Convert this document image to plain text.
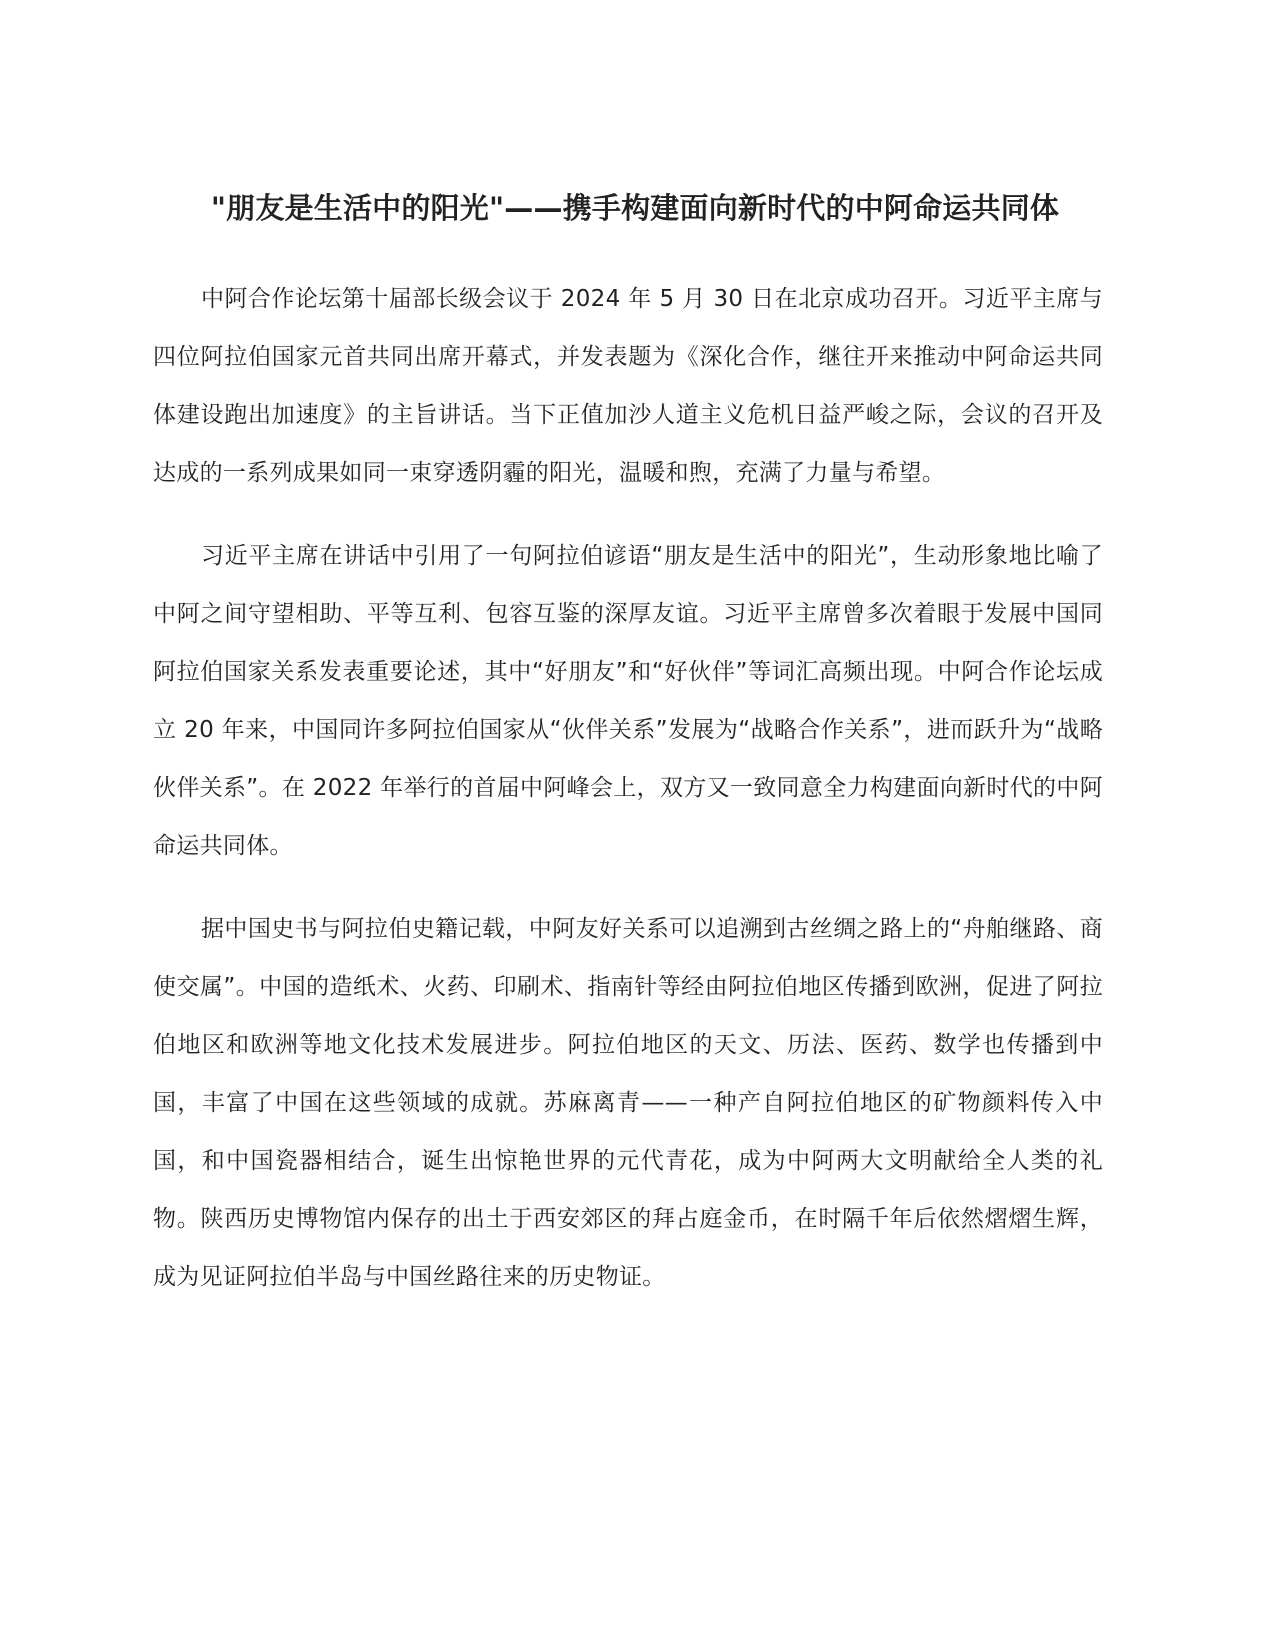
"朋友是生活中的阳光"——携手构建面向新时代的中阿命运共同体

中阿合作论坛第十届部长级会议于 2024 年 5 月 30 日在北京成功召开。习近平主席与四位阿拉伯国家元首共同出席开幕式，并发表题为《深化合作，继往开来推动中阿命运共同体建设跑出加速度》的主旨讲话。当下正值加沙人道主义危机日益严峻之际，会议的召开及达成的一系列成果如同一束穿透阴霾的阳光，温暖和煦，充满了力量与希望。

习近平主席在讲话中引用了一句阿拉伯谚语“朋友是生活中的阳光”，生动形象地比喻了中阿之间守望相助、平等互利、包容互鉴的深厚友谊。习近平主席曾多次着眼于发展中国同阿拉伯国家关系发表重要论述，其中“好朋友”和“好伙伴”等词汇高频出现。中阿合作论坛成立 20 年来，中国同许多阿拉伯国家从“伙伴关系”发展为“战略合作关系”，进而跃升为“战略伙伴关系”。在 2022 年举行的首届中阿峰会上，双方又一致同意全力构建面向新时代的中阿命运共同体。

据中国史书与阿拉伯史籍记载，中阿友好关系可以追溯到古丝绸之路上的“舟舶继路、商使交属”。中国的造纸术、火药、印刷术、指南针等经由阿拉伯地区传播到欧洲，促进了阿拉伯地区和欧洲等地文化技术发展进步。阿拉伯地区的天文、历法、医药、数学也传播到中国，丰富了中国在这些领域的成就。苏麻离青——一种产自阿拉伯地区的矿物颜料传入中国，和中国瓷器相结合，诞生出惊艳世界的元代青花，成为中阿两大文明献给全人类的礼物。陕西历史博物馆内保存的出土于西安郊区的拜占庭金币，在时隔千年后依然熠熠生辉，成为见证阿拉伯半岛与中国丝路往来的历史物证。
